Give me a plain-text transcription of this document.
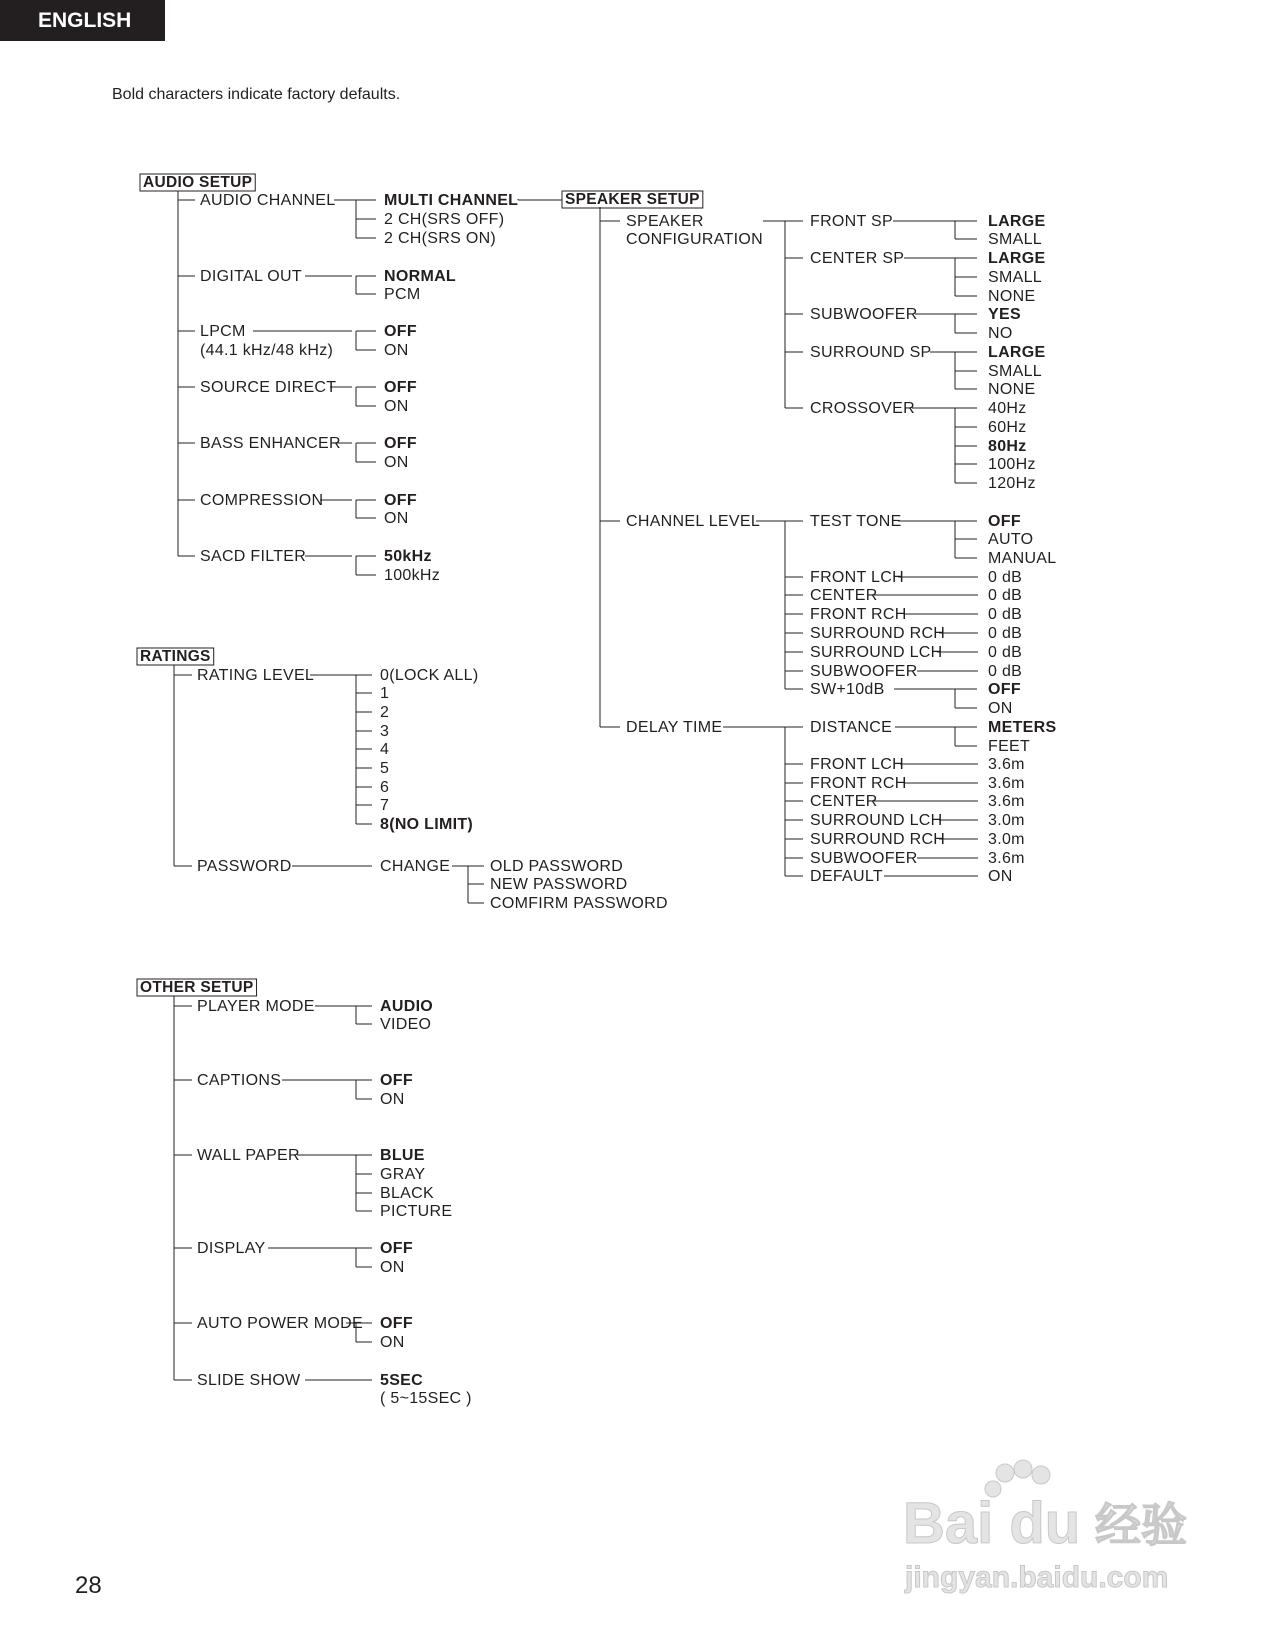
ENGLISH
Bold characters indicate factory defaults.
AUDIO SETUP
AUDIO CHANNEL	MULTI CHANNEL
2 CH(SRS OFF)
2 CH(SRS ON)
DIGITAL OUT	NORMAL
PCM
LPCM
(44.1 kHz/48 kHz)
OFF
ON
SOURCE DIRECT	OFF
ON
BASS ENHANCER	OFF
ON
COMPRESSION	OFF
ON
SACD FILTER	50kHz
100kHz
SPEAKER SETUP
SPEAKER
CONFIGURATION
FRONT SP	LARGE
SMALL
CENTER SP	LARGE
SMALL
NONE
SUBWOOFER	YES
NO
SURROUND SP	LARGE
SMALL
NONE
CROSSOVER	40Hz
60Hz
80Hz
100Hz
120Hz
CHANNEL LEVEL	TEST TONE	OFF
AUTO
MANUAL
FRONT LCH	0 dB
CENTER	0 dB
FRONT RCH	0 dB
SURROUND RCH	0 dB
SURROUND LCH	0 dB
SUBWOOFER	0 dB
SW+10dB	OFF
ON
DELAY TIME	DISTANCE	METERS
FEET
FRONT LCH	3.6m
FRONT RCH	3.6m
CENTER	3.6m
SURROUND LCH	3.0m
SURROUND RCH	3.0m
SUBWOOFER	3.6m
DEFAULT	ON
RATINGS
RATING LEVEL	0(LOCK ALL)
1
2
3
4
5
6
7
8(NO LIMIT)
PASSWORD	CHANGE OLD PASSWORD
NEW PASSWORD
COMFIRM PASSWORD
OTHER SETUP
PLAYER MODE	AUDIO
VIDEO
CAPTIONS	OFF
ON
WALL PAPER	BLUE
GRAY
BLACK
PICTURE
DISPLAY	OFF
ON
AUTO POWER MODE OFF
ON
SLIDE SHOW	5SEC
( 5~15SEC )
28
Bai du 经验
jingyan.baidu.com
